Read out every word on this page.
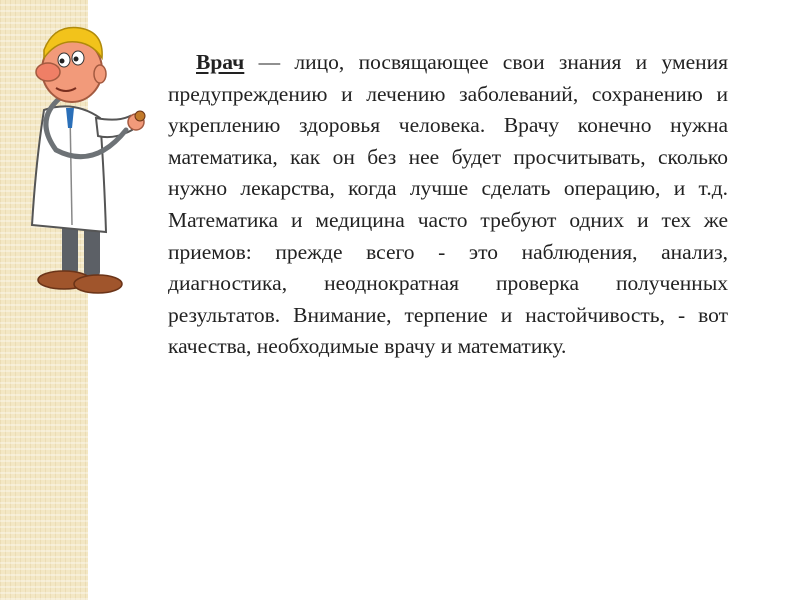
Врач — лицо, посвящающее свои знания и умения предупреждению и лечению заболеваний, сохранению и укреплению здоровья человека. Врачу конечно нужна математика, как он без нее будет просчитывать, сколько нужно лекарства, когда лучше сделать операцию, и т.д. Математика и медицина часто требуют одних и тех же приемов: прежде всего - это наблюдения, анализ, диагностика, неоднократная проверка полученных результатов. Внимание, терпение и настойчивость, - вот качества, необходимые врачу и математику.
